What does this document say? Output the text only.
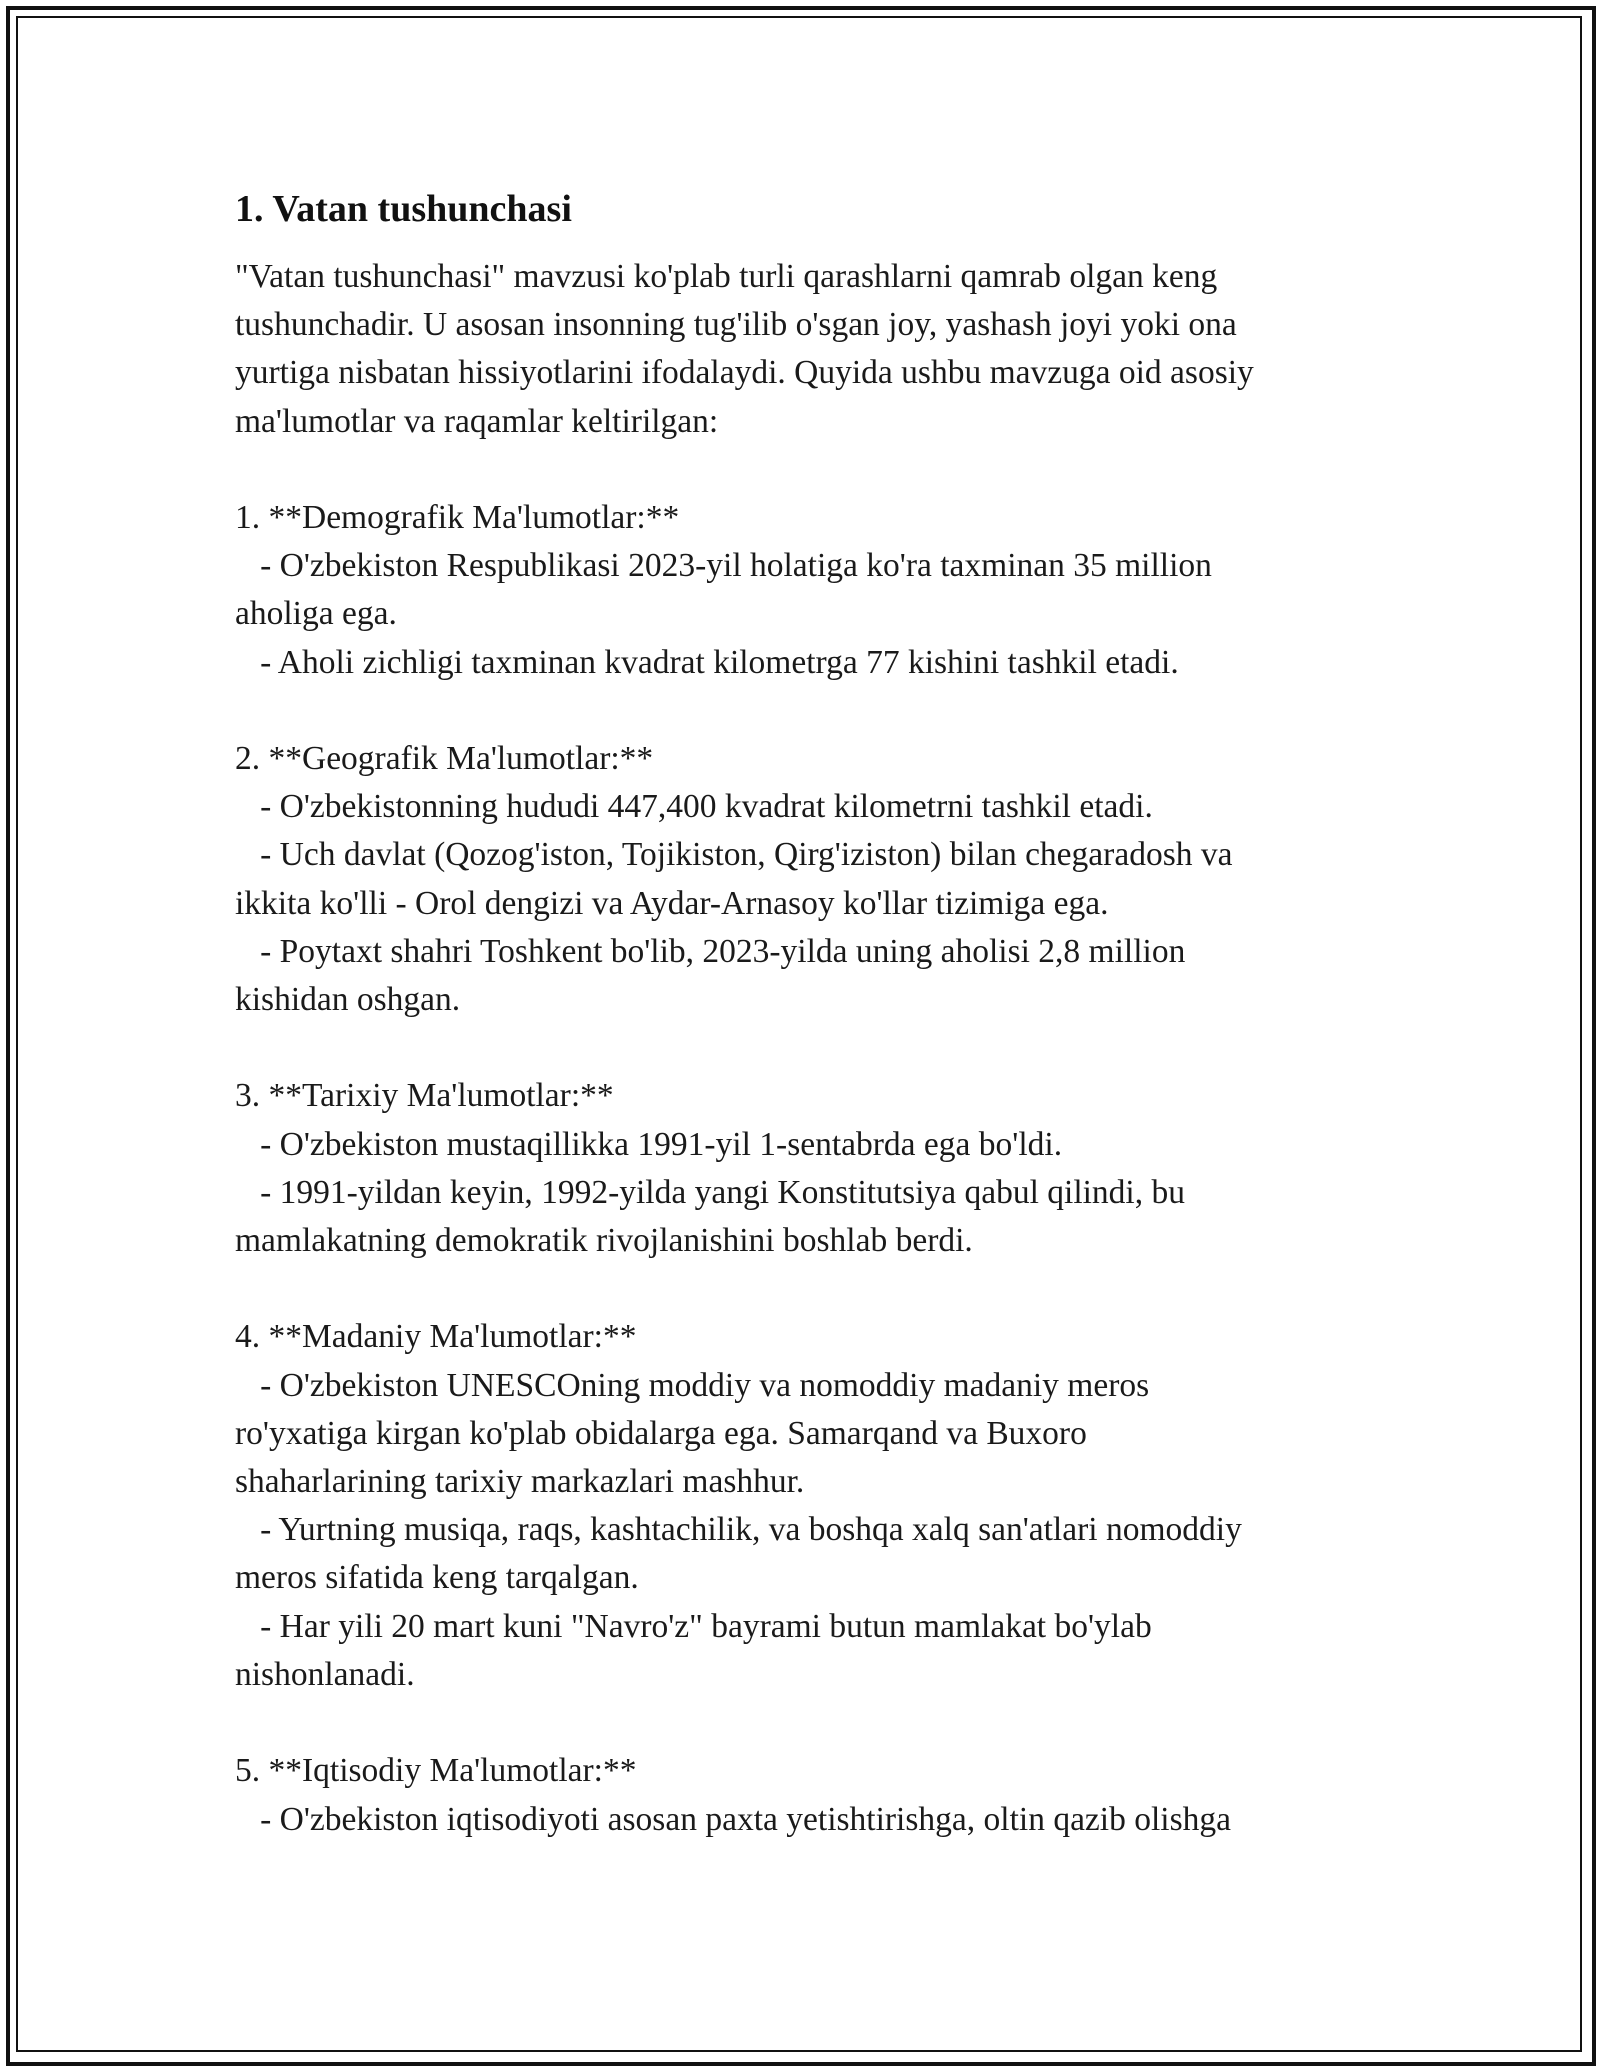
1. Vatan tushunchasi

"Vatan tushunchasi" mavzusi ko'plab turli qarashlarni qamrab olgan keng
tushunchadir. U asosan insonning tug'ilib o'sgan joy, yashash joyi yoki ona
yurtiga nisbatan hissiyotlarini ifodalaydi. Quyida ushbu mavzuga oid asosiy
ma'lumotlar va raqamlar keltirilgan:

1. **Demografik Ma'lumotlar:**
- O'zbekiston Respublikasi 2023-yil holatiga ko'ra taxminan 35 million
aholiga ega.
- Aholi zichligi taxminan kvadrat kilometrga 77 kishini tashkil etadi.

2. **Geografik Ma'lumotlar:**
- O'zbekistonning hududi 447,400 kvadrat kilometrni tashkil etadi.
- Uch davlat (Qozog'iston, Tojikiston, Qirg'iziston) bilan chegaradosh va
ikkita ko'lli - Orol dengizi va Aydar-Arnasoy ko'llar tizimiga ega.
- Poytaxt shahri Toshkent bo'lib, 2023-yilda uning aholisi 2,8 million
kishidan oshgan.

3. **Tarixiy Ma'lumotlar:**
- O'zbekiston mustaqillikka 1991-yil 1-sentabrda ega bo'ldi.
- 1991-yildan keyin, 1992-yilda yangi Konstitutsiya qabul qilindi, bu
mamlakatning demokratik rivojlanishini boshlab berdi.

4. **Madaniy Ma'lumotlar:**
- O'zbekiston UNESCOning moddiy va nomoddiy madaniy meros
ro'yxatiga kirgan ko'plab obidalarga ega. Samarqand va Buxoro
shaharlarining tarixiy markazlari mashhur.
- Yurtning musiqa, raqs, kashtachilik, va boshqa xalq san'atlari nomoddiy
meros sifatida keng tarqalgan.
- Har yili 20 mart kuni "Navro'z" bayrami butun mamlakat bo'ylab
nishonlanadi.

5. **Iqtisodiy Ma'lumotlar:**
- O'zbekiston iqtisodiyoti asosan paxta yetishtirishga, oltin qazib olishga
